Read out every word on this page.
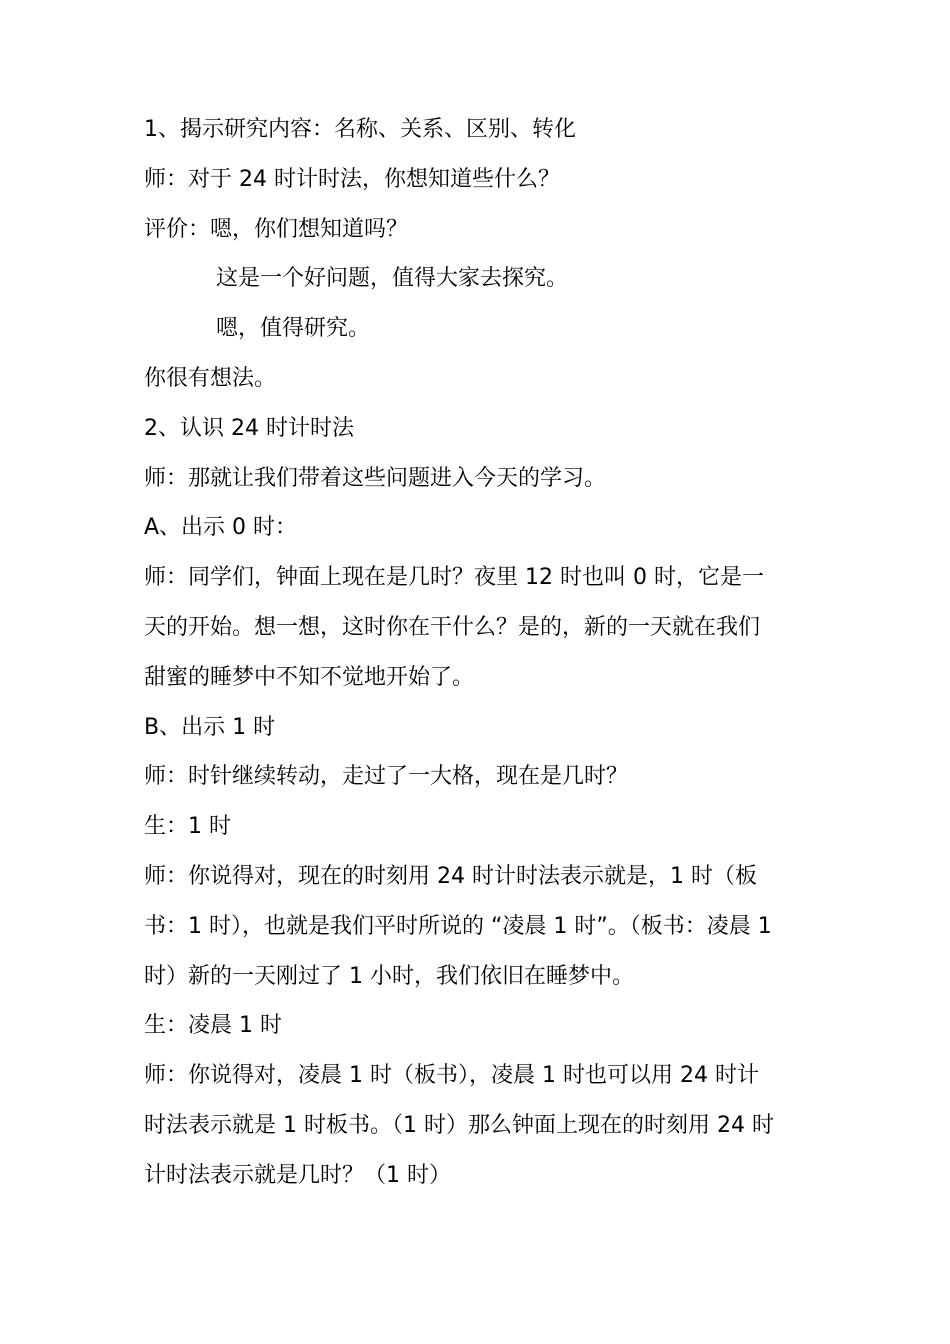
1、揭示研究内容：名称、关系、区别、转化
师：对于 24 时计时法，你想知道些什么？
评价：嗯，你们想知道吗？
这是一个好问题，值得大家去探究。
嗯，值得研究。
你很有想法。
2、认识 24 时计时法
师：那就让我们带着这些问题进入今天的学习。
A、出示 0 时：
师：同学们，钟面上现在是几时？夜里 12 时也叫 0 时，它是一
天的开始。想一想，这时你在干什么？是的，新的一天就在我们
甜蜜的睡梦中不知不觉地开始了。
B、出示 1 时
师：时针继续转动，走过了一大格，现在是几时？
生：1 时
师：你说得对，现在的时刻用 24 时计时法表示就是，1 时（板
书：1 时），也就是我们平时所说的 “凌晨 1 时”。（板书：凌晨 1
时）新的一天刚过了 1 小时，我们依旧在睡梦中。
生：凌晨 1 时
师：你说得对，凌晨 1 时（板书），凌晨 1 时也可以用 24 时计
时法表示就是 1 时板书。（1 时）那么钟面上现在的时刻用 24 时
计时法表示就是几时？（1 时）
